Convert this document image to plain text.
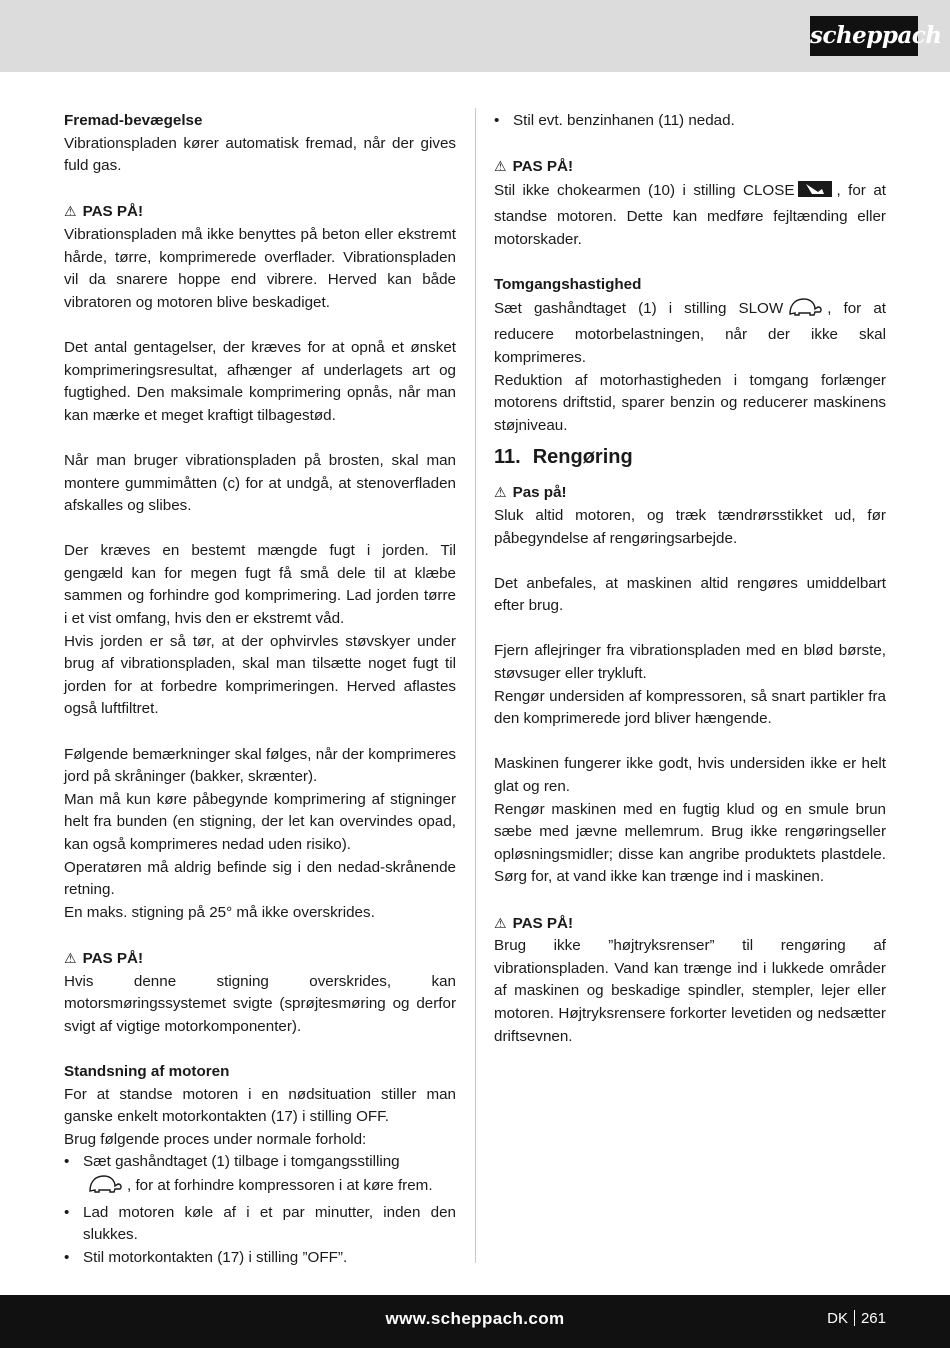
scheppach

Fremad-bevægelse

Vibrationspladen kører automatisk fremad, når der gives fuld gas.

⚠ PAS PÅ!

Vibrationspladen må ikke benyttes på beton eller ekstremt hårde, tørre, komprimerede overflader. Vibrationspladen vil da snarere hoppe end vibrere. Herved kan både vibratoren og motoren blive beskadiget.

Det antal gentagelser, der kræves for at opnå et ønsket komprimeringsresultat, afhænger af underlagets art og fugtighed. Den maksimale komprimering opnås, når man kan mærke et meget kraftigt tilbagestød.

Når man bruger vibrationspladen på brosten, skal man montere gummimåtten (c) for at undgå, at stenoverfladen afskalles og slibes.

Der kræves en bestemt mængde fugt i jorden. Til gengæld kan for megen fugt få små dele til at klæbe sammen og forhindre god komprimering. Lad jorden tørre i et vist omfang, hvis den er ekstremt våd.

Hvis jorden er så tør, at der ophvirvles støvskyer under brug af vibrationspladen, skal man tilsætte noget fugt til jorden for at forbedre komprimeringen. Herved aflastes også luftfiltret.

Følgende bemærkninger skal følges, når der komprimeres jord på skråninger (bakker, skrænter).

Man må kun køre påbegynde komprimering af stigninger helt fra bunden (en stigning, der let kan overvindes opad, kan også komprimeres nedad uden risiko).

Operatøren må aldrig befinde sig i den nedad-skrånende retning.

En maks. stigning på 25° må ikke overskrides.

⚠ PAS PÅ!

Hvis denne stigning overskrides, kan motorsmøringssystemet svigte (sprøjtesmøring og derfor svigt af vigtige motorkomponenter).

Standsning af motoren

For at standse motoren i en nødsituation stiller man ganske enkelt motorkontakten (17) i stilling OFF.

Brug følgende proces under normale forhold:

• Sæt gashåndtaget (1) tilbage i tomgangsstilling
, for at forhindre kompressoren i at køre frem.
• Lad motoren køle af i et par minutter, inden den slukkes.
• Stil motorkontakten (17) i stilling ”OFF”.
• Stil evt. benzinhanen (11) nedad.

⚠ PAS PÅ!

Stil ikke chokearmen (10) i stilling CLOSE	, for at standse motoren. Dette kan medføre fejltænding eller motorskader.

Tomgangshastighed

Sæt gashåndtaget (1) i stilling SLOW	, for at reducere motorbelastningen, når der ikke skal komprimeres.

Reduktion af motorhastigheden i tomgang forlænger motorens driftstid, sparer benzin og reducerer maskinens støjniveau.

11. Rengøring

⚠ Pas på!

Sluk altid motoren, og træk tændrørsstikket ud, før påbegyndelse af rengøringsarbejde.

Det anbefales, at maskinen altid rengøres umiddelbart efter brug.

Fjern aflejringer fra vibrationspladen med en blød børste, støvsuger eller trykluft.

Rengør undersiden af kompressoren, så snart partikler fra den komprimerede jord bliver hængende.

Maskinen fungerer ikke godt, hvis undersiden ikke er helt glat og ren.

Rengør maskinen med en fugtig klud og en smule brun sæbe med jævne mellemrum. Brug ikke rengøringseller opløsningsmidler; disse kan angribe produktets plastdele. Sørg for, at vand ikke kan trænge ind i maskinen.

⚠ PAS PÅ!

Brug ikke ”højtryksrenser” til rengøring af vibrationspladen. Vand kan trænge ind i lukkede områder af maskinen og beskadige spindler, stempler, lejer eller motoren. Højtryksrensere forkorter levetiden og nedsætter driftsevnen.

www.scheppach.com	DK 261
